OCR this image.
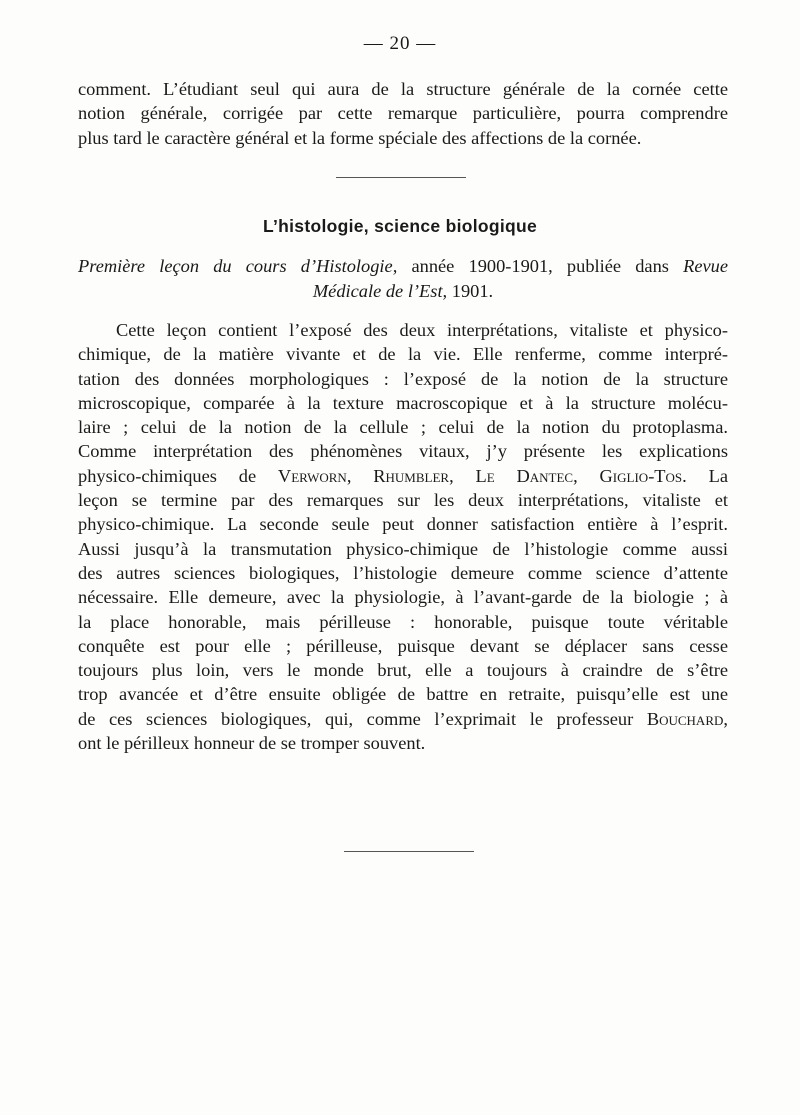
— 20 —
comment. L’étudiant seul qui aura de la structure générale de la cornée cette
notion générale, corrigée par cette remarque particulière, pourra comprendre
plus tard le caractère général et la forme spéciale des affections de la cornée.
L’histologie, science biologique
Première leçon du cours d’Histologie, année 1900-1901, publiée dans Revue
Médicale de l’Est, 1901.
Cette leçon contient l’exposé des deux interprétations, vitaliste et physico-
chimique, de la matière vivante et de la vie. Elle renferme, comme interpré-
tation des données morphologiques : l’exposé de la notion de la structure
microscopique, comparée à la texture macroscopique et à la structure molécu-
laire ; celui de la notion de la cellule ; celui de la notion du protoplasma.
Comme interprétation des phénomènes vitaux, j’y présente les explications
physico-chimiques de Verworn, Rhumbler, Le Dantec, Giglio-Tos. La
leçon se termine par des remarques sur les deux interprétations, vitaliste et
physico-chimique. La seconde seule peut donner satisfaction entière à l’esprit.
Aussi jusqu’à la transmutation physico-chimique de l’histologie comme aussi
des autres sciences biologiques, l’histologie demeure comme science d’attente
nécessaire. Elle demeure, avec la physiologie, à l’avant-garde de la biologie ; à
la place honorable, mais périlleuse : honorable, puisque toute véritable
conquête est pour elle ; périlleuse, puisque devant se déplacer sans cesse
toujours plus loin, vers le monde brut, elle a toujours à craindre de s’être
trop avancée et d’être ensuite obligée de battre en retraite, puisqu’elle est une
de ces sciences biologiques, qui, comme l’exprimait le professeur Bouchard,
ont le périlleux honneur de se tromper souvent.
